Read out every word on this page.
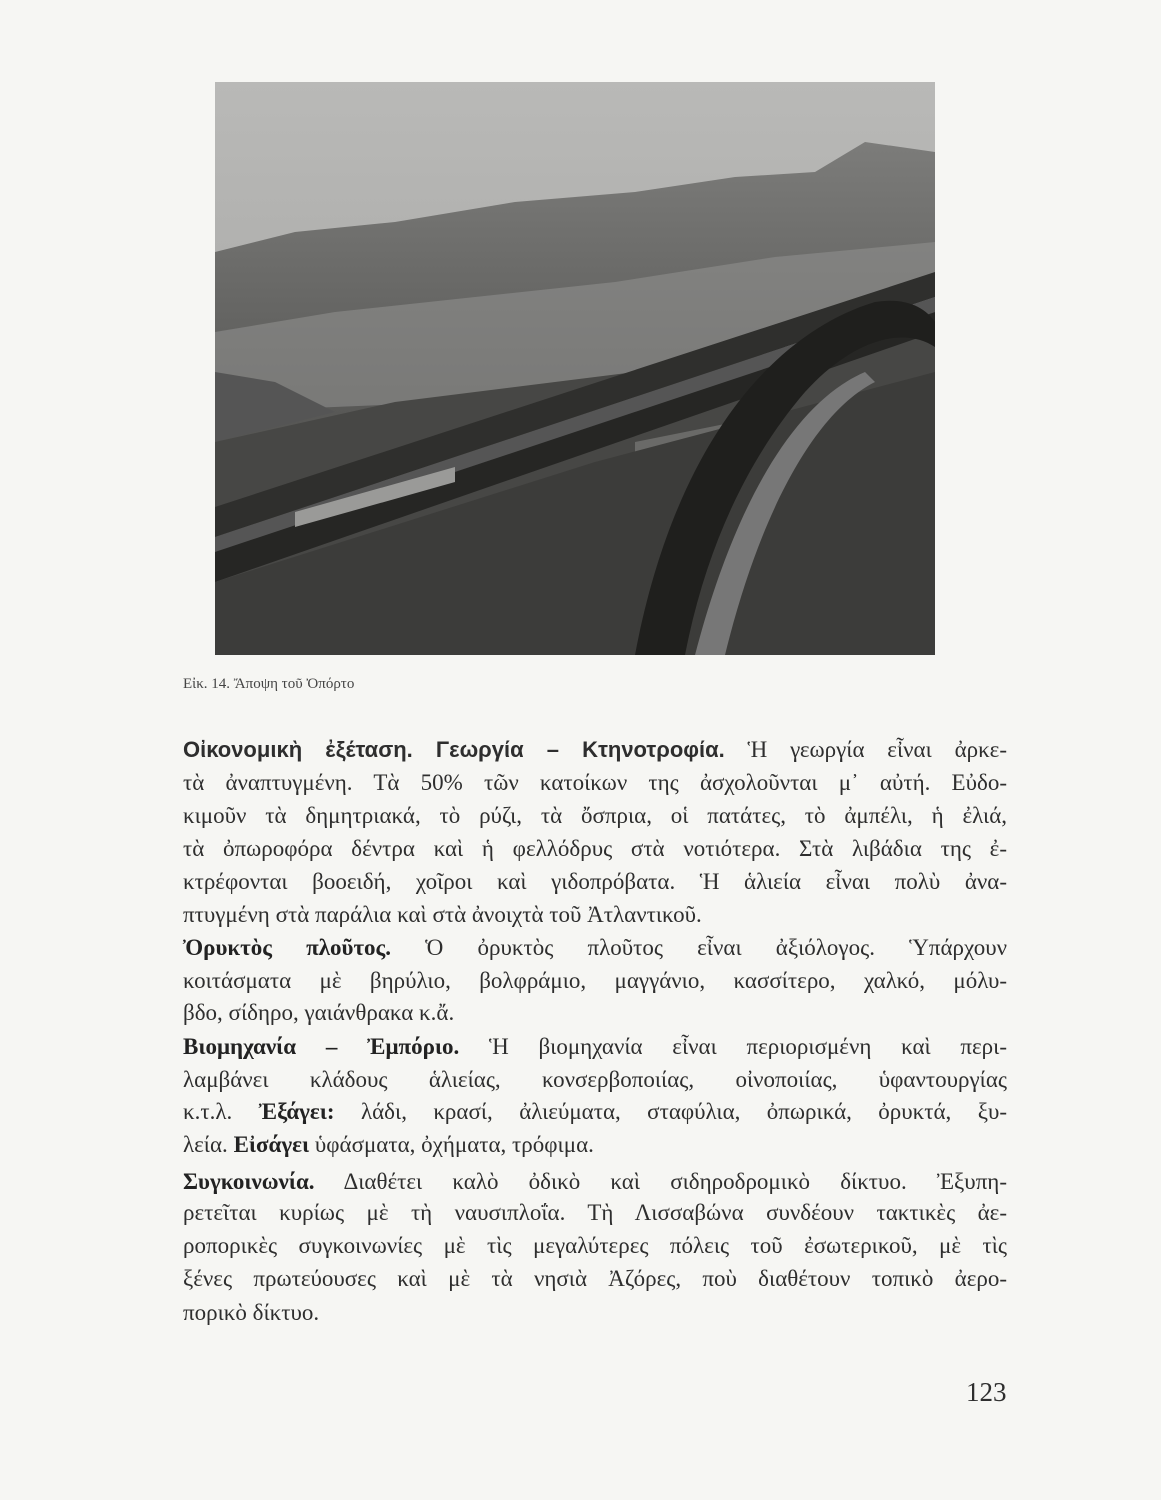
Εἰκ. 14. Ἄποψη τοῦ Ὀπόρτο
Οἰκονομικὴ ἐξέταση. Γεωργία – Κτηνοτροφία. Ἡ γεωργία εἶναι ἀρκε-
τὰ ἀναπτυγμένη. Τὰ 50% τῶν κατοίκων της ἀσχολοῦνται μ᾽ αὐτή. Εὐδο-
κιμοῦν τὰ δημητριακά, τὸ ρύζι, τὰ ὄσπρια, οἱ πατάτες, τὸ ἀμπέλι, ἡ ἐλιά,
τὰ ὀπωροφόρα δέντρα καὶ ἡ φελλόδρυς στὰ νοτιότερα. Στὰ λιβάδια της ἐ-
κτρέφονται βοοειδή, χοῖροι καὶ γιδοπρόβατα. Ἡ ἁλιεία εἶναι πολὺ ἀνα-
πτυγμένη στὰ παράλια καὶ στὰ ἀνοιχτὰ τοῦ Ἀτλαντικοῦ.
Ὀρυκτὸς πλοῦτος. Ὁ ὀρυκτὸς πλοῦτος εἶναι ἀξιόλογος. Ὑπάρχουν
κοιτάσματα μὲ βηρύλιο, βολφράμιο, μαγγάνιο, κασσίτερο, χαλκό, μόλυ-
βδο, σίδηρο, γαιάνθρακα κ.ἄ.
Βιομηχανία – Ἐμπόριο. Ἡ βιομηχανία εἶναι περιορισμένη καὶ περι-
λαμβάνει κλάδους ἁλιείας, κονσερβοποιίας, οἰνοποιίας, ὑφαντουργίας
κ.τ.λ. Ἐξάγει: λάδι, κρασί, ἀλιεύματα, σταφύλια, ὀπωρικά, ὀρυκτά, ξυ-
λεία. Εἰσάγει ὑφάσματα, ὀχήματα, τρόφιμα.
Συγκοινωνία. Διαθέτει καλὸ ὀδικὸ καὶ σιδηροδρομικὸ δίκτυο. Ἐξυπη-
ρετεῖται κυρίως μὲ τὴ ναυσιπλοΐα. Τὴ Λισσαβώνα συνδέουν τακτικὲς ἀε-
ροπορικὲς συγκοινωνίες μὲ τὶς μεγαλύτερες πόλεις τοῦ ἐσωτερικοῦ, μὲ τὶς
ξένες πρωτεύουσες καὶ μὲ τὰ νησιὰ Ἀζόρες, ποὺ διαθέτουν τοπικὸ ἀερο-
πορικὸ δίκτυο.
123
